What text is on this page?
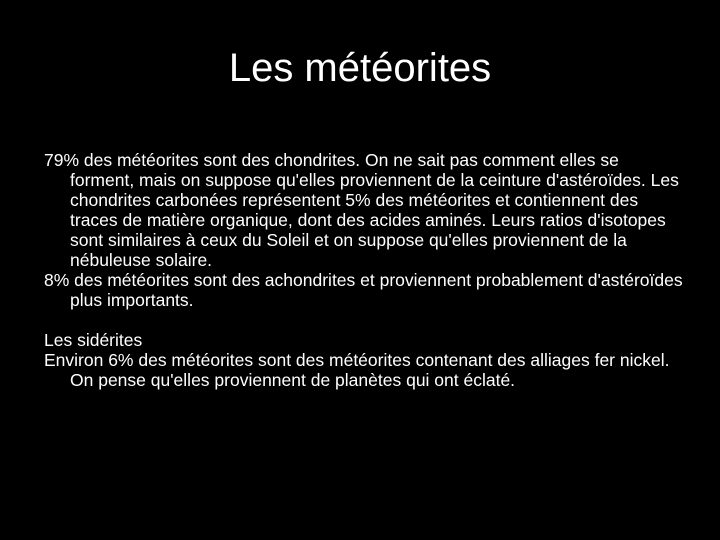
Les météorites

79% des météorites sont des chondrites. On ne sait pas comment elles se forment, mais on suppose qu'elles proviennent de la ceinture d'astéroïdes. Les chondrites carbonées représentent 5% des météorites et contiennent des traces de matière organique, dont des acides aminés. Leurs ratios d'isotopes sont similaires à ceux du Soleil et on suppose qu'elles proviennent de la nébuleuse solaire.

8% des météorites sont des achondrites et proviennent probablement d'astéroïdes plus importants.

Les sidérites

Environ 6% des météorites sont des météorites contenant des alliages fer nickel. On pense qu'elles proviennent de planètes qui ont éclaté.
